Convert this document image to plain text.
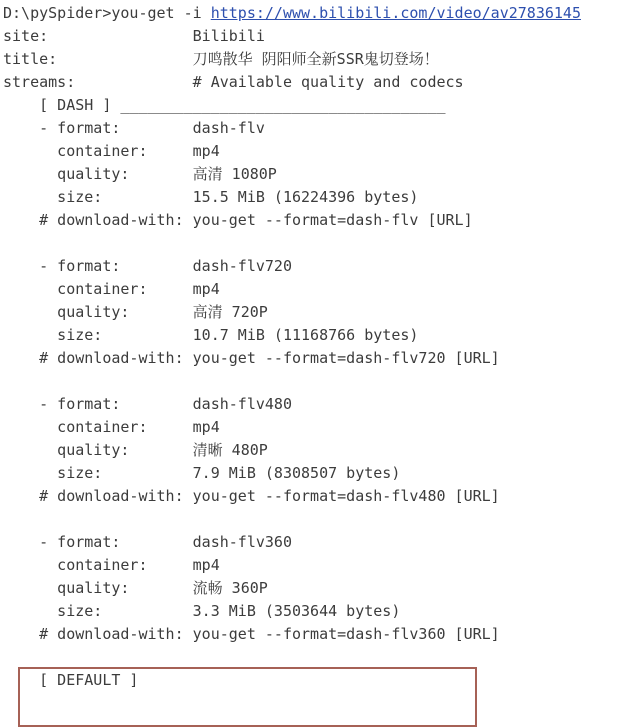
D:\pySpider>you-get -i https://www.bilibili.com/video/av27836145
site:	Bilibili
title:	刀鸣散华 阴阳师全新SSR鬼切登场！
streams:	# Available quality and codecs
[ DASH ] ____________________________________
- format:	dash-flv
container:	mp4
quality:	高清 1080P
size:	15.5 MiB (16224396 bytes)
# download-with: you-get --format=dash-flv [URL]
- format:	dash-flv720
container:	mp4
quality:	高清 720P
size:	10.7 MiB (11168766 bytes)
# download-with: you-get --format=dash-flv720 [URL]
- format:	dash-flv480
container:	mp4
quality:	清晰 480P
size:	7.9 MiB (8308507 bytes)
# download-with: you-get --format=dash-flv480 [URL]
- format:	dash-flv360
container:	mp4
quality:	流畅 360P
size:	3.3 MiB (3503644 bytes)
# download-with: you-get --format=dash-flv360 [URL]
[ DEFAULT ]
